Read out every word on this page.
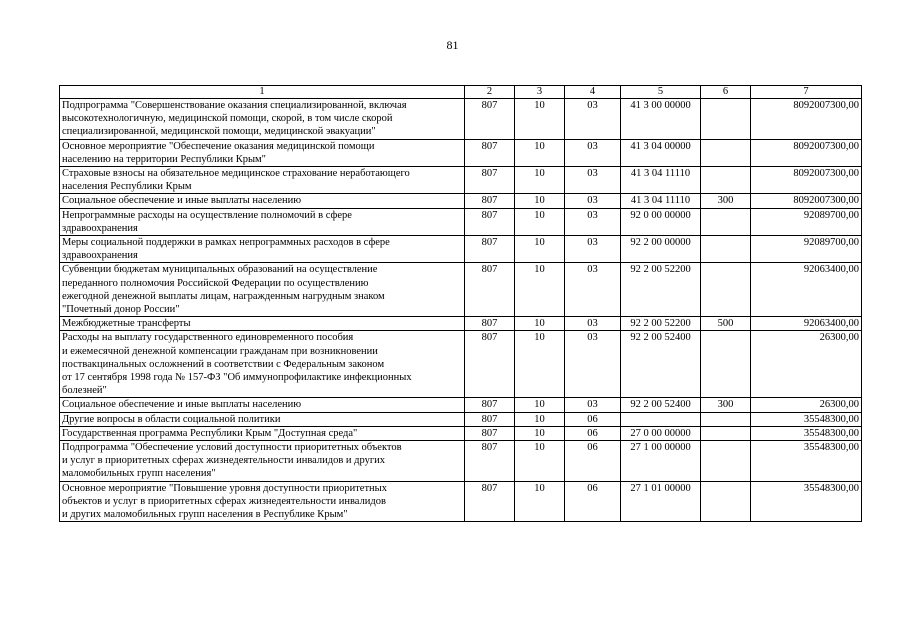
81
1	2	3	4	5	6	7
Подпрограмма "Совершенствование оказания специализированной, включая
высокотехнологичную, медицинской помощи, скорой, в том числе скорой
специализированной, медицинской помощи, медицинской эвакуации"	807	10	03	41 3 00 00000		8092007300,00
Основное мероприятие "Обеспечение оказания медицинской помощи
населению на территории Республики Крым"	807	10	03	41 3 04 00000		8092007300,00
Страховые взносы на обязательное медицинское страхование неработающего
населения Республики Крым	807	10	03	41 3 04 11110		8092007300,00
Социальное обеспечение и иные выплаты населению	807	10	03	41 3 04 11110	300	8092007300,00
Непрограммные расходы на осуществление полномочий в сфере
здравоохранения	807	10	03	92 0 00 00000		92089700,00
Меры социальной поддержки в рамках непрограммных расходов в сфере
здравоохранения	807	10	03	92 2 00 00000		92089700,00
Субвенции бюджетам муниципальных образований на осуществление
переданного полномочия Российской Федерации по осуществлению
ежегодной денежной выплаты лицам, награжденным нагрудным знаком
"Почетный донор России"	807	10	03	92 2 00 52200		92063400,00
Межбюджетные трансферты	807	10	03	92 2 00 52200	500	92063400,00
Расходы на выплату государственного единовременного пособия
и ежемесячной денежной компенсации гражданам при возникновении
поствакцинальных осложнений в соответствии с Федеральным законом
от 17 сентября 1998 года № 157-ФЗ "Об иммунопрофилактике инфекционных
болезней"	807	10	03	92 2 00 52400		26300,00
Социальное обеспечение и иные выплаты населению	807	10	03	92 2 00 52400	300	26300,00
Другие вопросы в области социальной политики	807	10	06			35548300,00
Государственная программа Республики Крым "Доступная среда"	807	10	06	27 0 00 00000		35548300,00
Подпрограмма "Обеспечение условий доступности приоритетных объектов
и услуг в приоритетных сферах жизнедеятельности инвалидов и других
маломобильных групп населения"	807	10	06	27 1 00 00000		35548300,00
Основное мероприятие "Повышение уровня доступности приоритетных
объектов и услуг в приоритетных сферах жизнедеятельности инвалидов
и других маломобильных групп населения в Республике Крым"	807	10	06	27 1 01 00000		35548300,00
